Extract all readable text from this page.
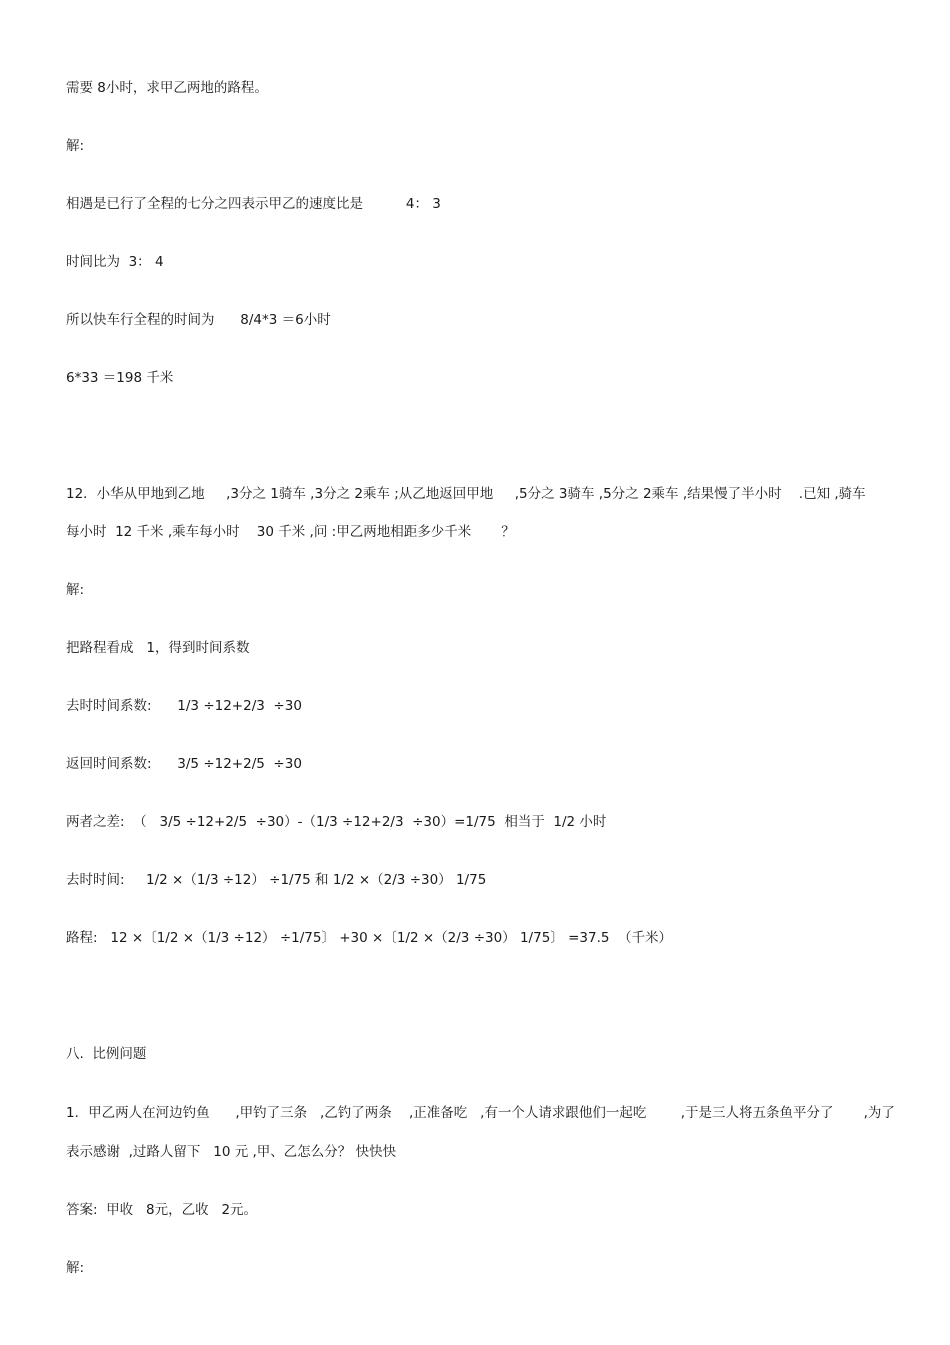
需要 8小时，求甲乙两地的路程。
解:
相遇是已行了全程的七分之四表示甲乙的速度比是          4： 3
时间比为  3： 4
所以快车行全程的时间为      8/4*3 ＝6小时
6*33 ＝198 千米
12．小华从甲地到乙地     ,3分之 1骑车 ,3分之 2乘车 ;从乙地返回甲地     ,5分之 3骑车 ,5分之 2乘车 ,结果慢了半小时    .已知 ,骑车
每小时  12 千米 ,乘车每小时    30 千米 ,问 :甲乙两地相距多少千米       ？
解:
把路程看成   1，得到时间系数
去时时间系数:      1/3 ÷12+2/3  ÷30
返回时间系数:      3/5 ÷12+2/5  ÷30
两者之差:  （   3/5 ÷12+2/5  ÷30）-（1/3 ÷12+2/3  ÷30）=1/75  相当于  1/2 小时
去时时间:     1/2 ×（1/3 ÷12） ÷1/75 和 1/2 ×（2/3 ÷30） 1/75
路程:   12 ×〔1/2 ×（1/3 ÷12） ÷1/75〕 +30 ×〔1/2 ×（2/3 ÷30） 1/75〕 =37.5  （千米）
八.  比例问题
1．甲乙两人在河边钓鱼      ,甲钓了三条   ,乙钓了两条    ,正准备吃   ,有一个人请求跟他们一起吃        ,于是三人将五条鱼平分了       ,为了
表示感谢  ,过路人留下   10 元 ,甲、乙怎么分？ 快快快
答案:  甲收   8元，乙收   2元。
解:
